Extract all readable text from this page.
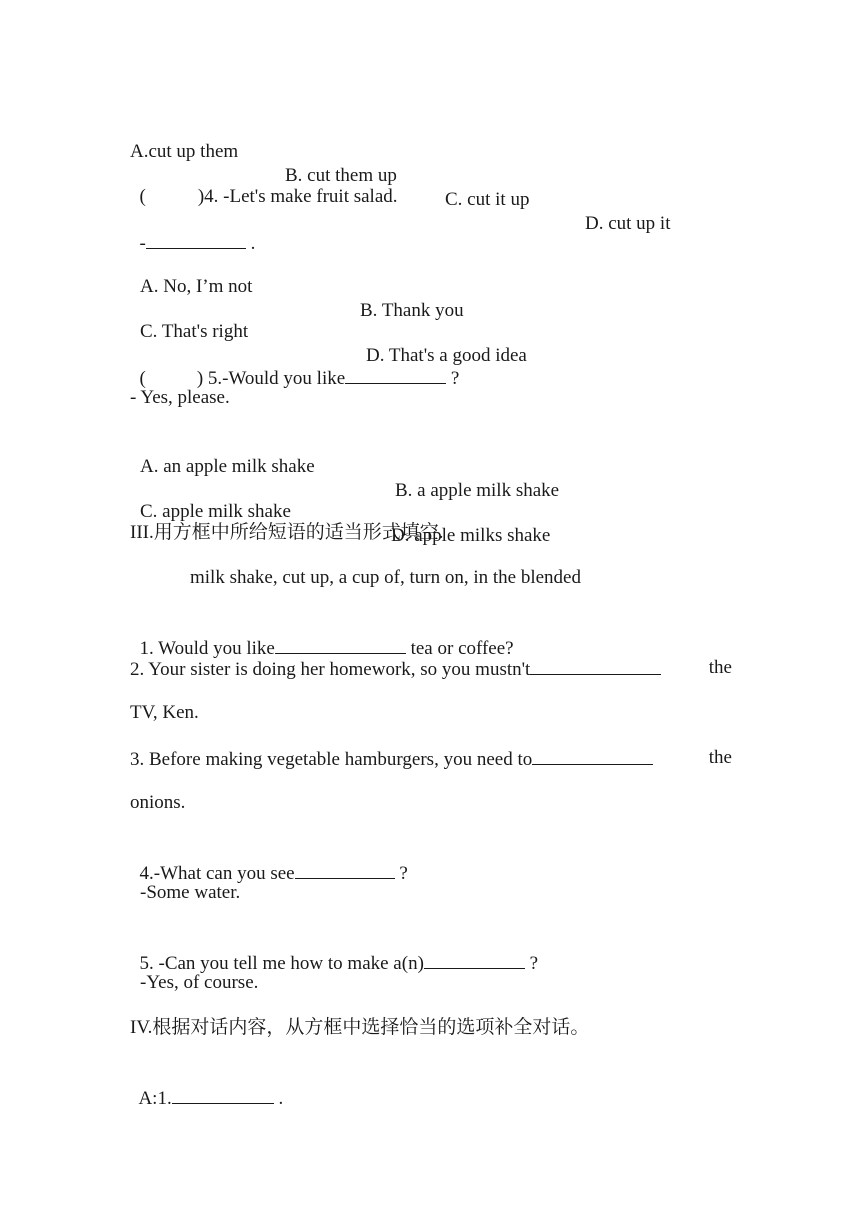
A.cut up them

B. cut them up

C. cut it up

D. cut up it

(	)4. -Let's make fruit salad.

-	.

A. No, I’m not

B. Thank you

C. That's right

D. That's a good idea

(	) 5.-Would you like	?

- Yes, please.

A. an apple milk shake

B. a apple milk shake

C. apple milk shake

D. apple milks shake

III.用方框中所给短语的适当形式填空.
milk shake, cut up, a cup of, turn on, in the blended

1. Would you like	tea or coffee?

2. Your sister is doing her homework, so you mustn't	the
TV, Ken.
3. Before making vegetable hamburgers, you need to	the
onions.

4.-What can you see	?

-Some water.

5. -Can you tell me how to make a(n)	?

-Yes, of course.
IV.根据对话内容，从方框中选择恰当的选项补全对话。

A:1.	.
